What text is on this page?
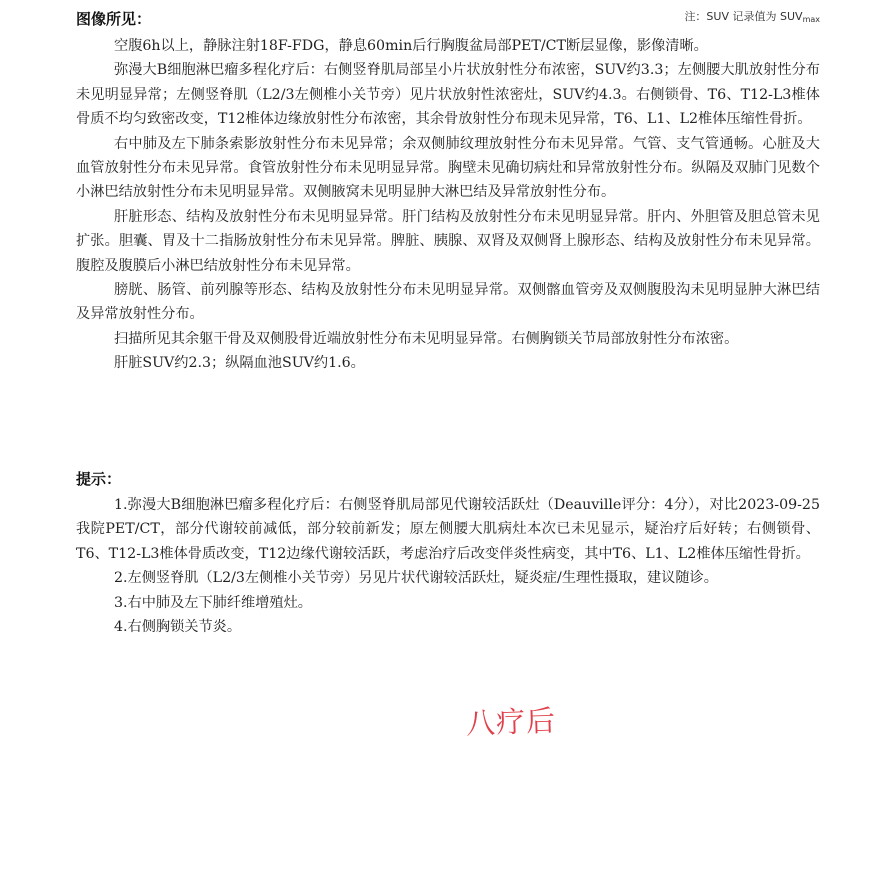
注：SUV 记录值为 $SUV_{max}$
图像所见：

空腹6h以上，静脉注射18F-FDG，静息60min后行胸腹盆局部PET/CT断层显像，影像清晰。

弥漫大B细胞淋巴瘤多程化疗后：右侧竖脊肌局部呈小片状放射性分布浓密，SUV约3.3；左侧腰大肌放射性分布未见明显异常；左侧竖脊肌（L2/3左侧椎小关节旁）见片状放射性浓密灶，SUV约4.3。右侧锁骨、T6、T12-L3椎体骨质不均匀致密改变，T12椎体边缘放射性分布浓密，其余骨放射性分布现未见异常，T6、L1、L2椎体压缩性骨折。

右中肺及左下肺条索影放射性分布未见异常；余双侧肺纹理放射性分布未见异常。气管、支气管通畅。心脏及大血管放射性分布未见异常。食管放射性分布未见明显异常。胸壁未见确切病灶和异常放射性分布。纵隔及双肺门见数个小淋巴结放射性分布未见明显异常。双侧腋窝未见明显肿大淋巴结及异常放射性分布。

肝脏形态、结构及放射性分布未见明显异常。肝门结构及放射性分布未见明显异常。肝内、外胆管及胆总管未见扩张。胆囊、胃及十二指肠放射性分布未见异常。脾脏、胰腺、双肾及双侧肾上腺形态、结构及放射性分布未见异常。腹腔及腹膜后小淋巴结放射性分布未见异常。

膀胱、肠管、前列腺等形态、结构及放射性分布未见明显异常。双侧髂血管旁及双侧腹股沟未见明显肿大淋巴结及异常放射性分布。

扫描所见其余躯干骨及双侧股骨近端放射性分布未见明显异常。右侧胸锁关节局部放射性分布浓密。

肝脏SUV约2.3；纵隔血池SUV约1.6。

提示：

1.弥漫大B细胞淋巴瘤多程化疗后：右侧竖脊肌局部见代谢较活跃灶（Deauville评分：4分），对比2023-09-25我院PET/CT，部分代谢较前减低，部分较前新发；原左侧腰大肌病灶本次已未见显示，疑治疗后好转；右侧锁骨、T6、T12-L3椎体骨质改变，T12边缘代谢较活跃，考虑治疗后改变伴炎性病变，其中T6、L1、L2椎体压缩性骨折。

2.左侧竖脊肌（L2/3左侧椎小关节旁）另见片状代谢较活跃灶，疑炎症/生理性摄取，建议随诊。

3.右中肺及左下肺纤维增殖灶。

4.右侧胸锁关节炎。

八疗后
